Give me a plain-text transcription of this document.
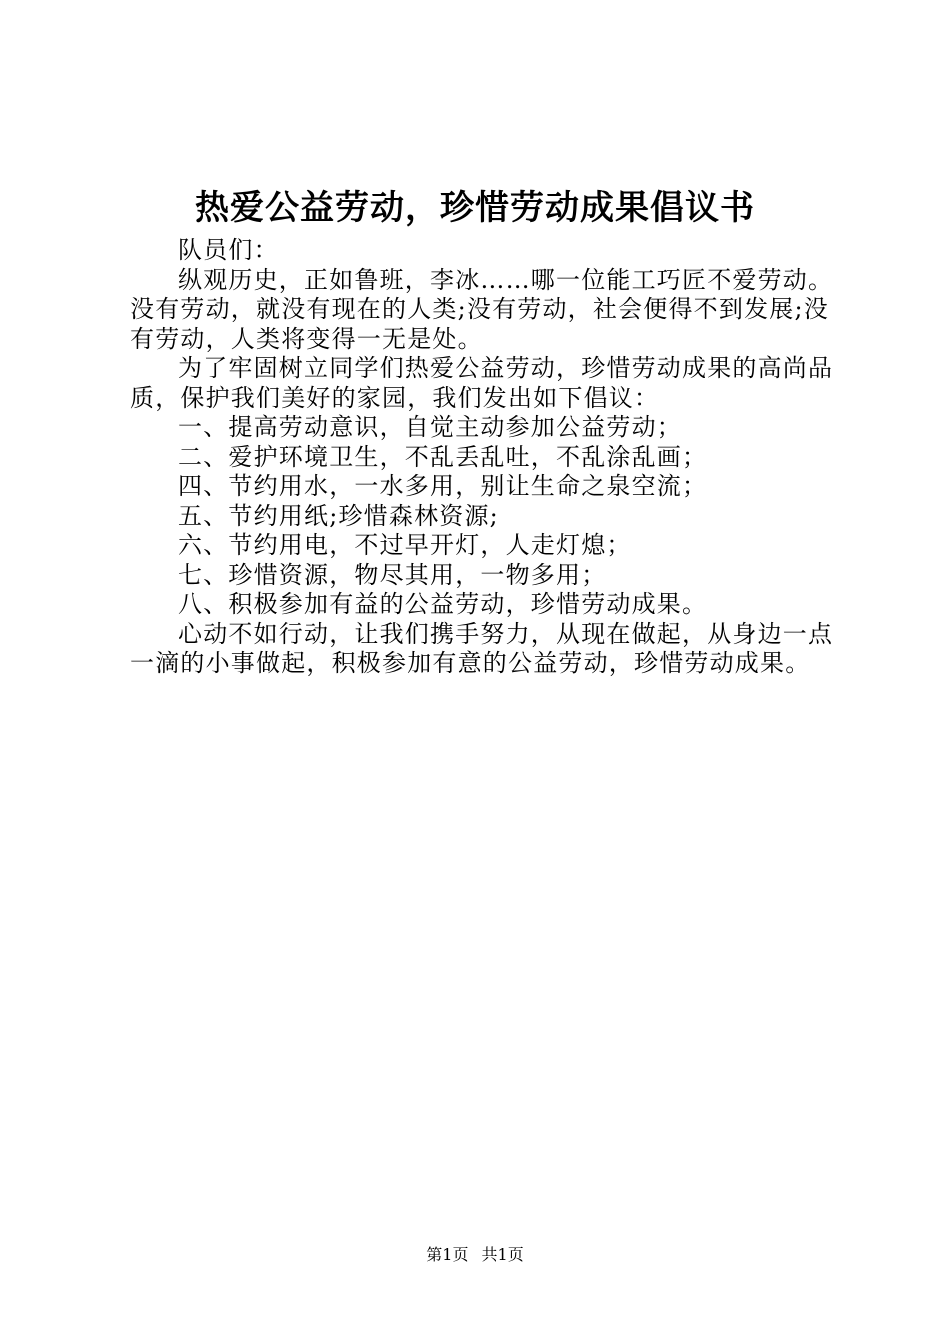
热爱公益劳动，珍惜劳动成果倡议书

队员们：

纵观历史，正如鲁班，李冰……哪一位能工巧匠不爱劳动。没有劳动，就没有现在的人类;没有劳动，社会便得不到发展;没有劳动，人类将变得一无是处。

为了牢固树立同学们热爱公益劳动，珍惜劳动成果的高尚品质，保护我们美好的家园，我们发出如下倡议：

一、提高劳动意识，自觉主动参加公益劳动；

二、爱护环境卫生，不乱丢乱吐，不乱涂乱画；

四、节约用水，一水多用，别让生命之泉空流；

五、节约用纸;珍惜森林资源;

六、节约用电，不过早开灯，人走灯熄；

七、珍惜资源，物尽其用，一物多用；

八、积极参加有益的公益劳动，珍惜劳动成果。

心动不如行动，让我们携手努力，从现在做起，从身边一点一滴的小事做起，积极参加有意的公益劳动，珍惜劳动成果。

第1页 共1页
